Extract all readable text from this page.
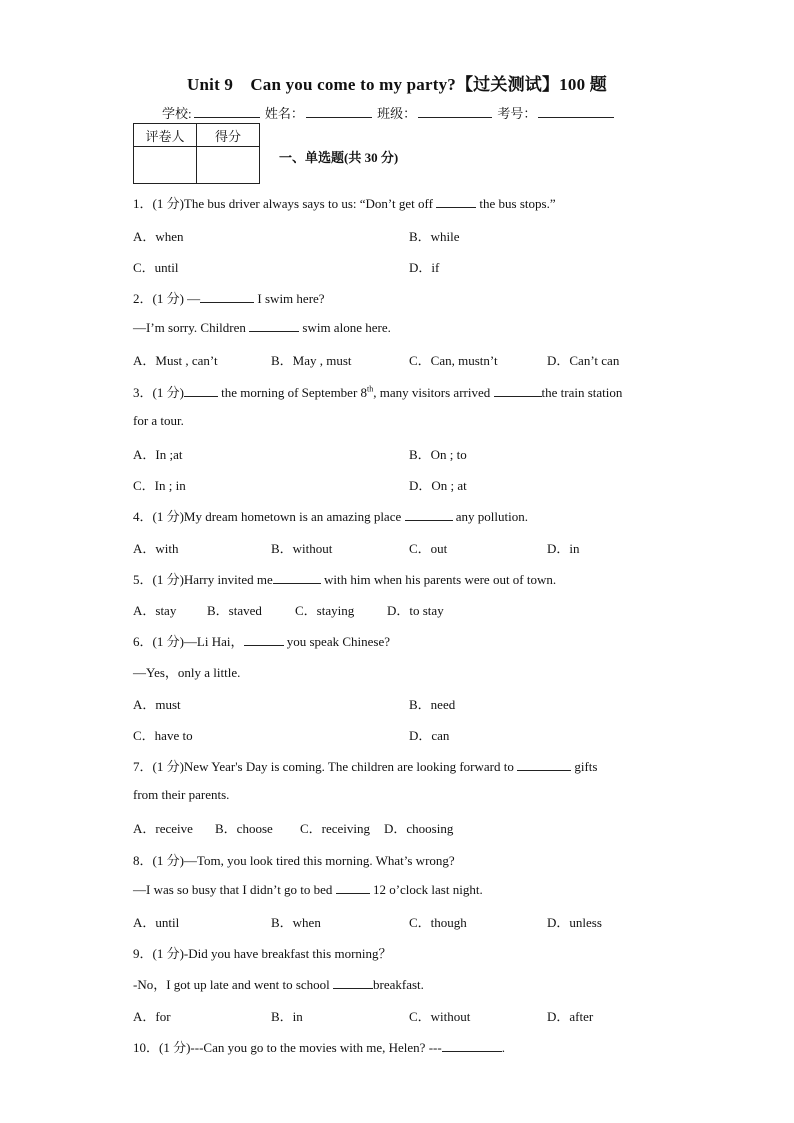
Unit 9　Can you come to my party?【过关测试】100 题
学校:	姓名：	班级：	考号：
评卷人	得分

一、单选题(共 30 分)
1．(1 分)The bus driver always says to us: “Don’t get off	the bus stops.”
A．when	B．while
C．until	D．if
2．(1 分) —	I swim here?
—I’m sorry. Children	swim alone here.
A．Must , can’t	B．May , must	C．Can, mustn’t	D．Can’t can
3．(1 分)	the morning of September 8th, many visitors arrived	the train station
for a tour.
A．In ;at	B．On ; to
C．In ; in	D．On ; at
4．(1 分)My dream hometown is an amazing place	any pollution.
A．with	B．without	C．out	D．in
5．(1 分)Harry invited me	with him when his parents were out of town.
A．stay B．staved	C．staying	D．to stay
6．(1 分)—Li Hai，	you speak Chinese?
—Yes，only a little.
A．must	B．need
C．have to	D．can
7．(1 分)New Year's Day is coming. The children are looking forward to	gifts
from their parents.
A．receive B．choose C．receiving D．choosing
8．(1 分)—Tom, you look tired this morning. What’s wrong?
—I was so busy that I didn’t go to bed	12 o’clock last night.
A．until	B．when	C．though	D．unless
9．(1 分)-Did you have breakfast this morning？
-No，I got up late and went to school	breakfast.
A．for	B．in	C．without	D．after
10．(1 分)---Can you go to the movies with me, Helen? ---	.
